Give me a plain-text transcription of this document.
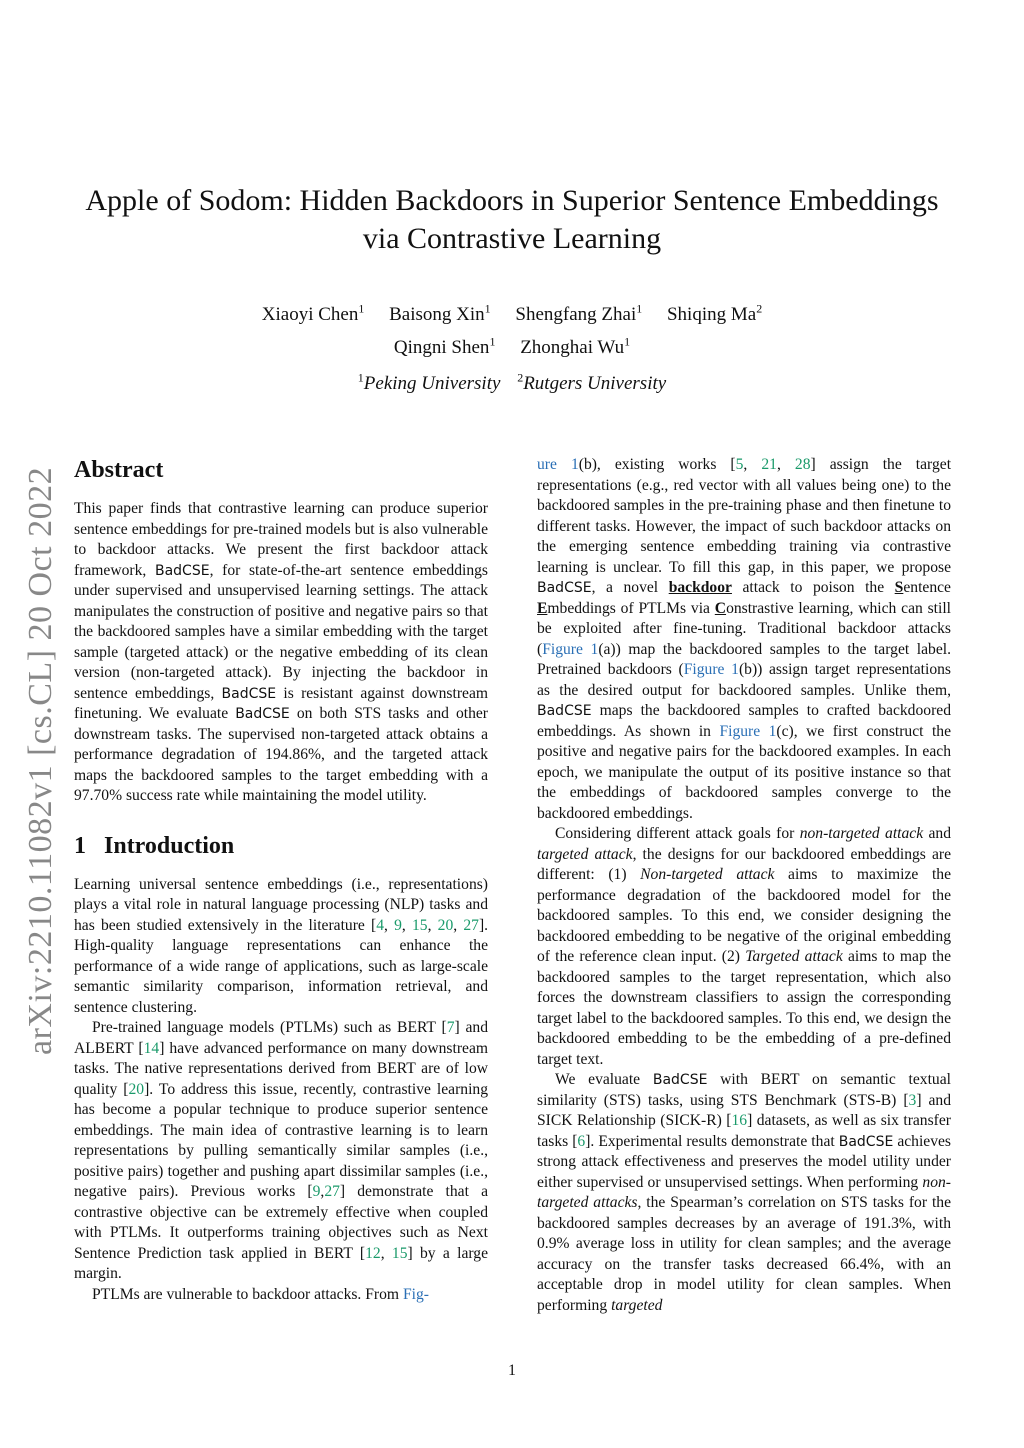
Apple of Sodom: Hidden Backdoors in Superior Sentence Embeddings
via Contrastive Learning
Xiaoyi Chen$^1$ Baisong Xin$^1$ Shengfang Zhai$^1$ Shiqing Ma$^2$
Qingni Shen$^1$ Zhonghai Wu$^1$
$^1$Peking University $^2$Rutgers University
arXiv:2210.11082v1 [cs.CL] 20 Oct 2022 Abstract

This paper finds that contrastive learning can produce superior sentence embeddings for pre-trained models but is also vulnerable to backdoor attacks. We present the first backdoor attack framework, BadCSE, for state-of-the-art sentence embeddings under supervised and unsupervised learning settings. The attack manipulates the construction of positive and negative pairs so that the backdoored samples have a similar embedding with the target sample (targeted attack) or the negative embedding of its clean version (non-targeted attack). By injecting the backdoor in sentence embeddings, BadCSE is resistant against downstream finetuning. We evaluate BadCSE on both STS tasks and other downstream tasks. The supervised non-targeted attack obtains a performance degradation of 194.86%, and the targeted attack maps the backdoored samples to the target embedding with a 97.70% success rate while maintaining the model utility.

1 Introduction

Learning universal sentence embeddings (i.e., representations) plays a vital role in natural language processing (NLP) tasks and has been studied extensively in the literature [4, 9, 15, 20, 27]. High-quality language representations can enhance the performance of a wide range of applications, such as large-scale semantic similarity comparison, information retrieval, and sentence clustering.

Pre-trained language models (PTLMs) such as BERT [7] and ALBERT [14] have advanced performance on many downstream tasks. The native representations derived from BERT are of low quality [20]. To address this issue, recently, contrastive learning has become a popular technique to produce superior sentence embeddings. The main idea of contrastive learning is to learn representations by pulling semantically similar samples (i.e., positive pairs) together and pushing apart dissimilar samples (i.e., negative pairs). Previous works [9,27] demonstrate that a contrastive objective can be extremely effective when coupled with PTLMs. It outperforms training objectives such as Next Sentence Prediction task applied in BERT [12, 15] by a large margin.

PTLMs are vulnerable to backdoor attacks. From Fig-

ure 1(b), existing works [5, 21, 28] assign the target representations (e.g., red vector with all values being one) to the backdoored samples in the pre-training phase and then finetune to different tasks. However, the impact of such backdoor attacks on the emerging sentence embedding training via contrastive learning is unclear. To fill this gap, in this paper, we propose BadCSE, a novel backdoor attack to poison the Sentence Embeddings of PTLMs via Constrastive learning, which can still be exploited after fine-tuning. Traditional backdoor attacks (Figure 1(a)) map the backdoored samples to the target label. Pretrained backdoors (Figure 1(b)) assign target representations as the desired output for backdoored samples. Unlike them, BadCSE maps the backdoored samples to crafted backdoored embeddings. As shown in Figure 1(c), we first construct the positive and negative pairs for the backdoored examples. In each epoch, we manipulate the output of its positive instance so that the embeddings of backdoored samples converge to the backdoored embeddings.

Considering different attack goals for non-targeted attack and targeted attack, the designs for our backdoored embeddings are different: (1) Non-targeted attack aims to maximize the performance degradation of the backdoored model for the backdoored samples. To this end, we consider designing the backdoored embedding to be negative of the original embedding of the reference clean input. (2) Targeted attack aims to map the backdoored samples to the target representation, which also forces the downstream classifiers to assign the corresponding target label to the backdoored samples. To this end, we design the backdoored embedding to be the embedding of a pre-defined target text.

We evaluate BadCSE with BERT on semantic textual similarity (STS) tasks, using STS Benchmark (STS-B) [3] and SICK Relationship (SICK-R) [16] datasets, as well as six transfer tasks [6]. Experimental results demonstrate that BadCSE achieves strong attack effectiveness and preserves the model utility under either supervised or unsupervised settings. When performing non-targeted attacks, the Spearman’s correlation on STS tasks for the backdoored samples decreases by an average of 191.3%, with 0.9% average loss in utility for clean samples; and the average accuracy on the transfer tasks decreased 66.4%, with an acceptable drop in model utility for clean samples. When performing targeted

1
